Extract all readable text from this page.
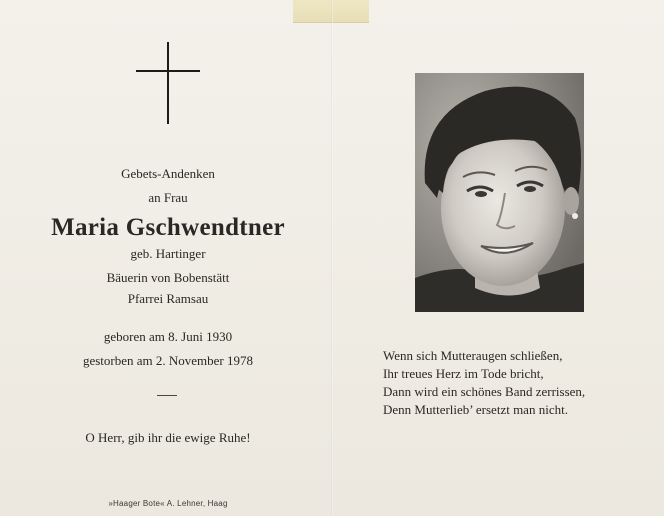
Gebets-Andenken
an Frau
Maria Gschwendtner
geb. Hartinger
Bäuerin von Bobenstätt
Pfarrei Ramsau
geboren am 8. Juni 1930
gestorben am 2. November 1978
O Herr, gib ihr die ewige Ruhe!
»Haager Bote« A. Lehner, Haag
Wenn sich Mutteraugen schließen,
Ihr treues Herz im Tode bricht,
Dann wird ein schönes Band zerrissen,
Denn Mutterlieb’ ersetzt man nicht.
